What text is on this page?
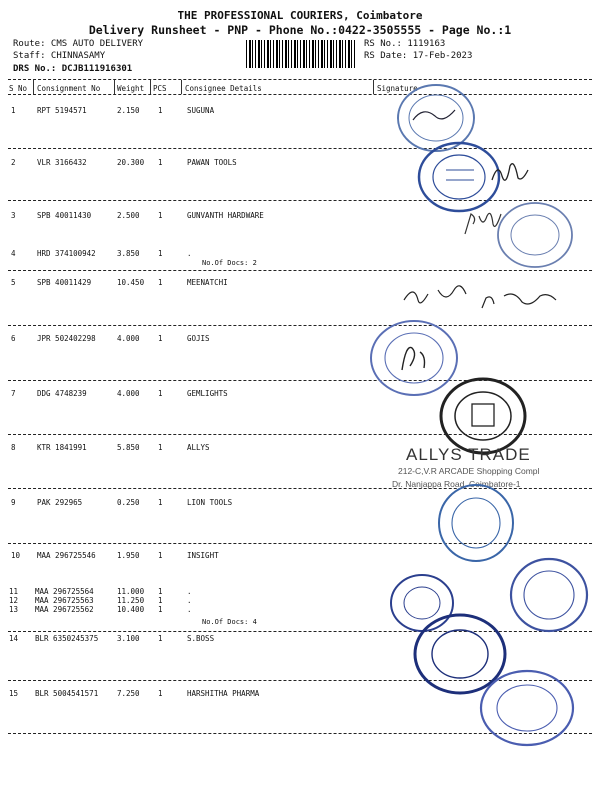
THE PROFESSIONAL COURIERS, Coimbatore
Delivery Runsheet - PNP - Phone No.:0422-3505555 - Page No.:1
Route: CMS AUTO DELIVERY
Staff: CHINNASAMY
DRS No.: DCJB111916301
RS No.: 1119163
RS Date: 17-Feb-2023
S No Consignment No Weight PCS Consignee Details	Signature
1	RPT 5194571	2.150 1	SUGUNA
2	VLR 3166432	20.300 1	PAWAN TOOLS
3	SPB 40011430	2.500 1	GUNVANTH HARDWARE
4	HRD 374100942	3.850 1	.
No.Of Docs: 2
5	SPB 40011429	10.450 1	MEENATCHI
6	JPR 502402298	4.000 1	GOJIS
7	DDG 4748239	4.000 1	GEMLIGHTS
8	KTR 1841991	5.850 1	ALLYS
9	PAK 292965	0.250 1	LION TOOLS
10 MAA 296725546	1.950 1	INSIGHT
11 MAA 296725564	11.000 1	.
12 MAA 296725563	11.250 1	.
13 MAA 296725562	10.400 1	.
No.Of Docs: 4
14 BLR 6350245375	3.100 1	S.BOSS
15 BLR 5004541571	7.250 1	HARSHITHA PHARMA
ALLYS TRADE
212-C,V.R ARCADE Shopping Compl
Dr. Nanjappa Road, Coimbatore-1
